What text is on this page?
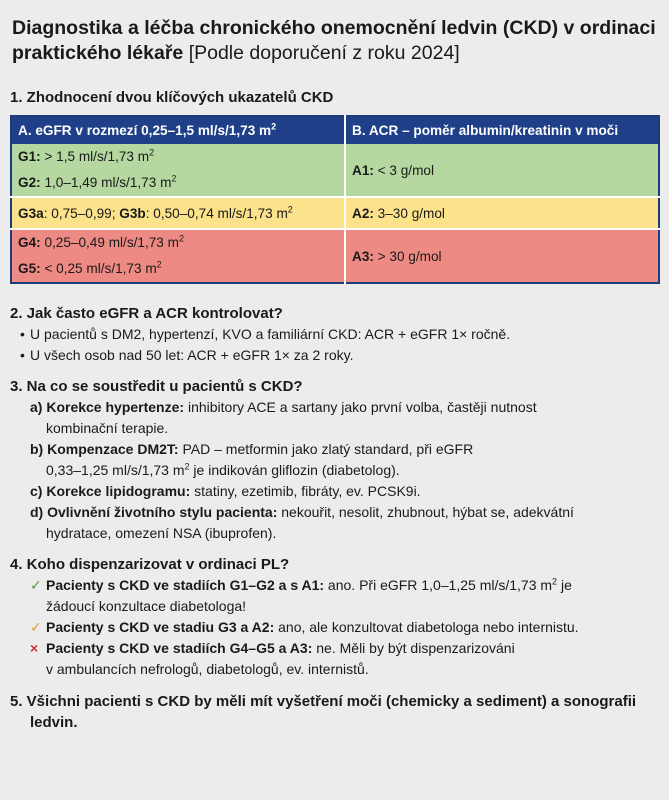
Diagnostika a léčba chronického onemocnění ledvin (CKD) v ordinaci praktického lékaře [Podle doporučení z roku 2024]
1. Zhodnocení dvou klíčových ukazatelů CKD
A. eGFR v rozmezí 0,25–1,5 ml/s/1,73 $m^2$	B. ACR – poměr albumin/kreatinin v moči

G1: > 1,5 ml/s/1,73 $m^2$
G2: 1,0–1,49 ml/s/1,73 $m^2$	A1: < 3 g/mol
G3a: 0,75–0,99; G3b: 0,50–0,74 ml/s/1,73 $m^2$	A2: 3–30 g/mol

G4: 0,25–0,49 ml/s/1,73 $m^2$
G5: < 0,25 ml/s/1,73 $m^2$	A3: > 30 g/mol
2. Jak často eGFR a ACR kontrolovat?
• U pacientů s DM2, hypertenzí, KVO a familiární CKD: ACR + eGFR 1× ročně.
• U všech osob nad 50 let: ACR + eGFR 1× za 2 roky.
3. Na co se soustředit u pacientů s CKD?
a) Korekce hypertenze: inhibitory ACE a sartany jako první volba, častěji nutnost
kombinační terapie.
b) Kompenzace DM2T: PAD – metformin jako zlatý standard, při eGFR
0,33–1,25 ml/s/1,73 $m^2$ je indikován gliflozin (diabetolog).
c) Korekce lipidogramu: statiny, ezetimib, fibráty, ev. PCSK9i.
d) Ovlivnění životního stylu pacienta: nekouřit, nesolit, zhubnout, hýbat se, adekvátní
hydratace, omezení NSA (ibuprofen).
4. Koho dispenzarizovat v ordinaci PL?
✓ Pacienty s CKD ve stadiích G1–G2 a s A1: ano. Při eGFR 1,0–1,25 ml/s/1,73 $m^2$ je
žádoucí konzultace diabetologa!
✓ Pacienty s CKD ve stadiu G3 a A2: ano, ale konzultovat diabetologa nebo internistu.
× Pacienty s CKD ve stadiích G4–G5 a A3: ne. Měli by být dispenzarizováni
v ambulancích nefrologů, diabetologů, ev. internistů.
5. Všichni pacienti s CKD by měli mít vyšetření moči (chemicky a sediment) a sonografii
ledvin.
